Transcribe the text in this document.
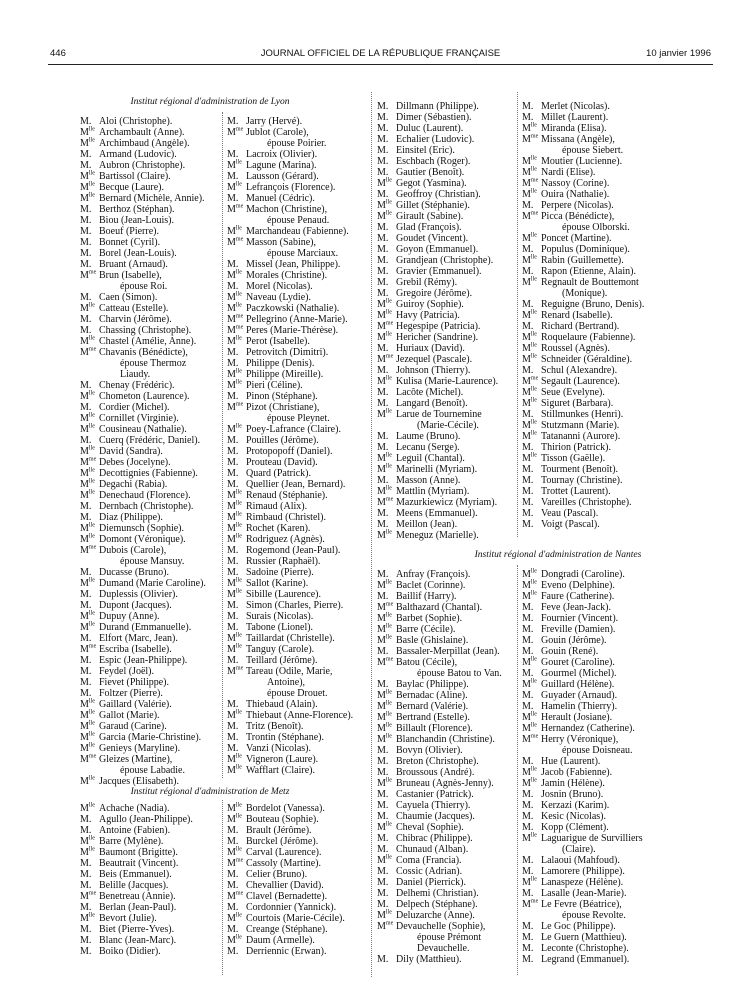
446	JOURNAL OFFICIEL DE LA RÉPUBLIQUE FRANÇAISE	10 janvier 1996
Institut régional d'administration de Lyon
Institut régional d'administration de Metz
Institut régional d'administration de Nantes
M. Aloi (Christophe).
$M^{lle}$ Archambault (Anne).
$M^{lle}$ Archimbaud (Angèle).
M. Armand (Ludovic).
M. Aubron (Christophe).
$M^{lle}$ Bartissol (Claire).
$M^{lle}$ Becque (Laure).
$M^{lle}$ Bernard (Michèle, Annie).
M. Berthoz (Stéphan).
M. Biou (Jean-Louis).
M. Boeuf (Pierre).
M. Bonnet (Cyril).
M. Borel (Jean-Louis).
M. Bruant (Arnaud).
$M^{me}$ Brun (Isabelle),
épouse Roi.
M. Caen (Simon).
$M^{lle}$ Catteau (Estelle).
M. Charvin (Jérôme).
M. Chassing (Christophe).
$M^{lle}$ Chastel (Amélie, Anne).
$M^{me}$ Chavanis (Bénédicte),
épouse Thermoz
Liaudy.
M. Chenay (Frédéric).
$M^{lle}$ Chometon (Laurence).
M. Cordier (Michel).
$M^{lle}$ Cornillet (Virginie).
$M^{lle}$ Cousineau (Nathalie).
M. Cuerq (Frédéric, Daniel).
$M^{lle}$ David (Sandra).
$M^{me}$ Debes (Jocelyne).
$M^{lle}$ Decottignies (Fabienne).
$M^{lle}$ Degachi (Rabia).
$M^{lle}$ Denechaud (Florence).
M. Dernbach (Christophe).
M. Diaz (Philippe).
$M^{lle}$ Diemunsch (Sophie).
$M^{lle}$ Domont (Véronique).
$M^{me}$ Dubois (Carole),
épouse Mansuy.
M. Ducasse (Bruno).
$M^{lle}$ Dumand (Marie Caroline).
M. Duplessis (Olivier).
M. Dupont (Jacques).
$M^{lle}$ Dupuy (Anne).
$M^{lle}$ Durand (Emmanuelle).
M. Elfort (Marc, Jean).
$M^{me}$ Escriba (Isabelle).
M. Espic (Jean-Philippe).
M. Feydel (Joël).
M. Fievet (Philippe).
M. Foltzer (Pierre).
$M^{lle}$ Gaillard (Valérie).
$M^{lle}$ Gallot (Marie).
$M^{lle}$ Garaud (Carine).
$M^{lle}$ Garcia (Marie-Christine).
$M^{lle}$ Genieys (Maryline).
$M^{me}$ Gleizes (Martine),
épouse Labadie.
$M^{lle}$ Jacques (Elisabeth).
M. Jarry (Hervé).
$M^{me}$ Jublot (Carole),
épouse Poirier.
M. Lacroix (Olivier).
$M^{lle}$ Lagune (Marina).
M. Lausson (Gérard).
$M^{lle}$ Lefrançois (Florence).
M. Manuel (Cédric).
$M^{me}$ Machon (Christine),
épouse Penaud.
$M^{lle}$ Marchandeau (Fabienne).
$M^{me}$ Masson (Sabine),
épouse Marciaux.
M. Missel (Jean, Philippe).
$M^{lle}$ Morales (Christine).
M. Morel (Nicolas).
$M^{lle}$ Naveau (Lydie).
$M^{lle}$ Paczkowski (Nathalie).
$M^{me}$ Pellegrino (Anne-Marie).
$M^{me}$ Peres (Marie-Thérèse).
$M^{lle}$ Perot (Isabelle).
M. Petrovitch (Dimitri).
M. Philippe (Denis).
$M^{lle}$ Philippe (Mireille).
$M^{lle}$ Pieri (Céline).
M. Pinon (Stéphane).
$M^{me}$ Pizot (Christiane),
épouse Pleynet.
$M^{lle}$ Poey-Lafrance (Claire).
M. Pouilles (Jérôme).
M. Protopopoff (Daniel).
M. Prouteau (David).
M. Quard (Patrick).
M. Quellier (Jean, Bernard).
$M^{lle}$ Renaud (Stéphanie).
$M^{lle}$ Rimaud (Alix).
$M^{lle}$ Rimbaud (Christel).
$M^{lle}$ Rochet (Karen).
$M^{lle}$ Rodriguez (Agnès).
M. Rogemond (Jean-Paul).
M. Russier (Raphaël).
M. Sadoine (Pierre).
$M^{lle}$ Sallot (Karine).
$M^{lle}$ Sibille (Laurence).
M. Simon (Charles, Pierre).
M. Surais (Nicolas).
M. Tabone (Lionel).
$M^{lle}$ Taillardat (Christelle).
$M^{lle}$ Tanguy (Carole).
M. Teillard (Jérôme).
$M^{me}$ Tareau (Odile, Marie,
Antoine),
épouse Drouet.
M. Thiebaud (Alain).
$M^{lle}$ Thiebaut (Anne-Florence).
M. Tritz (Benoît).
M. Trontin (Stéphane).
M. Vanzi (Nicolas).
$M^{lle}$ Vigneron (Laure).
$M^{lle}$ Wafflart (Claire).
$M^{lle}$ Achache (Nadia).
M. Agullo (Jean-Philippe).
M. Antoine (Fabien).
$M^{lle}$ Barre (Mylène).
$M^{lle}$ Baumont (Brigitte).
M. Beautrait (Vincent).
M. Beis (Emmanuel).
M. Belille (Jacques).
$M^{me}$ Benetreau (Annie).
M. Berlan (Jean-Paul).
$M^{lle}$ Bevort (Julie).
M. Biet (Pierre-Yves).
M. Blanc (Jean-Marc).
M. Boiko (Didier).
$M^{lle}$ Bordelot (Vanessa).
$M^{lle}$ Bouteau (Sophie).
M. Brault (Jérôme).
M. Burckel (Jérôme).
$M^{lle}$ Carval (Laurence).
$M^{me}$ Cassoly (Martine).
M. Celier (Bruno).
M. Chevallier (David).
$M^{me}$ Clavel (Bernadette).
M. Cordonnier (Yannick).
$M^{lle}$ Courtois (Marie-Cécile).
M. Creange (Stéphane).
$M^{lle}$ Daum (Armelle).
M. Derriennic (Erwan).
M. Dillmann (Philippe).
M. Dimer (Sébastien).
M. Duluc (Laurent).
M. Echalier (Ludovic).
M. Einsitel (Eric).
M. Eschbach (Roger).
M. Gautier (Benoît).
$M^{lle}$ Gegot (Yasmina).
M. Geoffroy (Christian).
$M^{lle}$ Gillet (Stéphanie).
$M^{lle}$ Girault (Sabine).
M. Glad (François).
M. Goudet (Vincent).
M. Goyon (Emmanuel).
M. Grandjean (Christophe).
M. Gravier (Emmanuel).
M. Grebil (Rémy).
M. Gregoire (Jérôme).
$M^{lle}$ Guiroy (Sophie).
$M^{lle}$ Havy (Patricia).
$M^{me}$ Hegespipe (Patricia).
$M^{lle}$ Hericher (Sandrine).
M. Huriaux (David).
$M^{me}$ Jezequel (Pascale).
M. Johnson (Thierry).
$M^{lle}$ Kulisa (Marie-Laurence).
M. Lacôte (Michel).
M. Langard (Benoît).
$M^{lle}$ Larue de Tournemine
(Marie-Cécile).
M. Laume (Bruno).
M. Lecanu (Serge).
$M^{lle}$ Leguil (Chantal).
$M^{lle}$ Marinelli (Myriam).
M. Masson (Anne).
$M^{lle}$ Mattlin (Myriam).
$M^{me}$ Mazurkiewicz (Myriam).
M. Meens (Emmanuel).
M. Meillon (Jean).
$M^{lle}$ Meneguz (Marielle).
M. Merlet (Nicolas).
M. Millet (Laurent).
$M^{lle}$ Miranda (Elisa).
$M^{me}$ Missana (Angèle),
épouse Siebert.
$M^{lle}$ Moutier (Lucienne).
$M^{lle}$ Nardi (Elise).
$M^{me}$ Nassoy (Corine).
$M^{lle}$ Ouira (Nathalie).
M. Perpere (Nicolas).
$M^{me}$ Picca (Bénédicte),
épouse Olborski.
$M^{lle}$ Poncet (Martine).
M. Populus (Dominique).
$M^{lle}$ Rabin (Guillemette).
M. Rapon (Etienne, Alain).
$M^{lle}$ Regnault de Bouttemont
(Monique).
M. Reguigne (Bruno, Denis).
$M^{lle}$ Renard (Isabelle).
M. Richard (Bertrand).
$M^{lle}$ Roquelaure (Fabienne).
$M^{lle}$ Roussel (Agnès).
$M^{lle}$ Schneider (Géraldine).
M. Schul (Alexandre).
$M^{me}$ Segault (Laurence).
$M^{lle}$ Seue (Evelyne).
$M^{lle}$ Siguret (Barbara).
M. Stillmunkes (Henri).
$M^{lle}$ Stutzmann (Marie).
$M^{lle}$ Tatananni (Aurore).
M. Thirion (Patrick).
$M^{lle}$ Tisson (Gaëlle).
M. Tourment (Benoît).
M. Tournay (Christine).
M. Trottet (Laurent).
M. Vareilles (Christophe).
M. Veau (Pascal).
M. Voigt (Pascal).
M. Anfray (François).
$M^{lle}$ Baclet (Corinne).
M. Baillif (Harry).
$M^{me}$ Balthazard (Chantal).
$M^{lle}$ Barbet (Sophie).
$M^{lle}$ Barre (Cécile).
$M^{lle}$ Basle (Ghislaine).
M. Bassaler-Merpillat (Jean).
$M^{me}$ Batou (Cécile),
épouse Batou to Van.
M. Baylac (Philippe).
$M^{lle}$ Bernadac (Aline).
$M^{lle}$ Bernard (Valérie).
$M^{lle}$ Bertrand (Estelle).
$M^{lle}$ Billault (Florence).
$M^{lle}$ Blanchandin (Christine).
M. Bovyn (Olivier).
M. Breton (Christophe).
M. Broussous (André).
$M^{lle}$ Bruneau (Agnès-Jenny).
M. Castanier (Patrick).
M. Cayuela (Thierry).
M. Chaumie (Jacques).
$M^{lle}$ Cheval (Sophie).
M. Chibrac (Philippe).
M. Chunaud (Alban).
$M^{lle}$ Coma (Francia).
M. Cossic (Adrian).
M. Daniel (Pierrick).
M. Delhemi (Christian).
M. Delpech (Stéphane).
$M^{lle}$ Deluzarche (Anne).
$M^{me}$ Devauchelle (Sophie),
épouse Prémont
Devauchelle.
M. Dily (Matthieu).
$M^{lle}$ Dongradi (Caroline).
$M^{lle}$ Eveno (Delphine).
$M^{lle}$ Faure (Catherine).
M. Feve (Jean-Jack).
M. Fournier (Vincent).
M. Freville (Damien).
M. Gouin (Jérôme).
M. Gouin (René).
$M^{lle}$ Gouret (Caroline).
M. Gourmel (Michel).
$M^{lle}$ Guillard (Hélène).
M. Guyader (Arnaud).
M. Hamelin (Thierry).
$M^{lle}$ Herault (Josiane).
$M^{lle}$ Hernandez (Catherine).
$M^{me}$ Herry (Véronique),
épouse Doisneau.
M. Hue (Laurent).
$M^{lle}$ Jacob (Fabienne).
$M^{lle}$ Jamin (Hélène).
M. Josnin (Bruno).
M. Kerzazi (Karim).
M. Kesic (Nicolas).
M. Kopp (Clément).
$M^{lle}$ Laguarigue de Survilliers
(Claire).
M. Lalaoui (Mahfoud).
M. Lamorere (Philippe).
$M^{lle}$ Lanaspeze (Hélène).
M. Lasalle (Jean-Marie).
$M^{me}$ Le Fevre (Béatrice),
épouse Revolte.
M. Le Goc (Philippe).
M. Le Guern (Matthieu).
M. Leconte (Christophe).
M. Legrand (Emmanuel).
